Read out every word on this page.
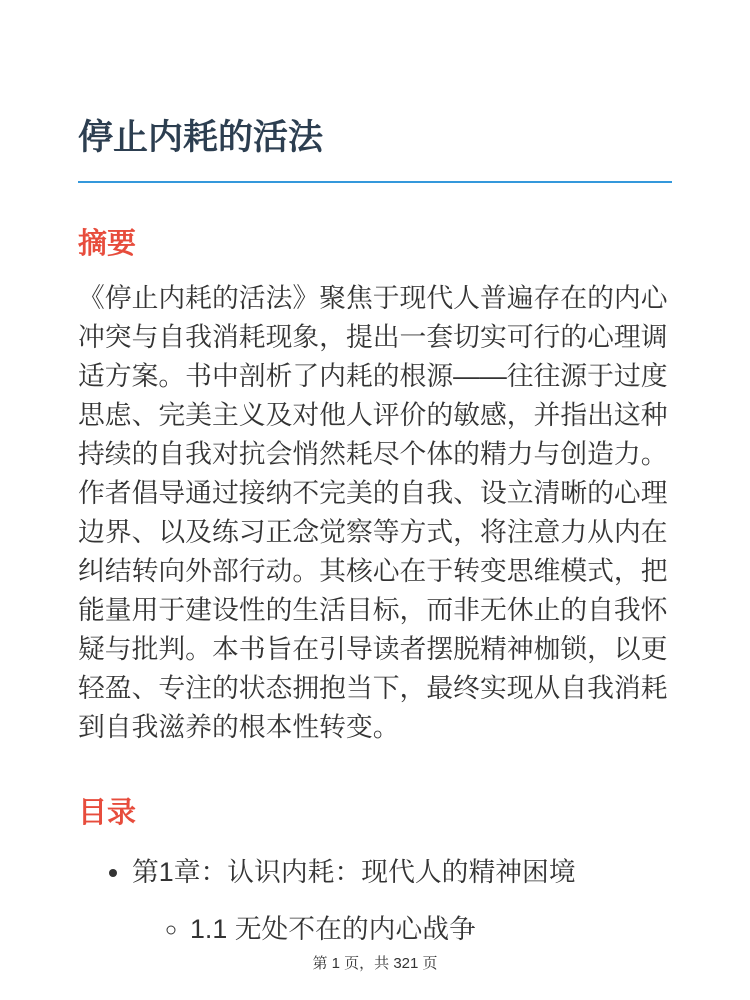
停止内耗的活法
摘要

《停止内耗的活法》聚焦于现代人普遍存在的内心冲突与自我消耗现象，提出一套切实可行的心理调适方案。书中剖析了内耗的根源——往往源于过度思虑、完美主义及对他人评价的敏感，并指出这种持续的自我对抗会悄然耗尽个体的精力与创造力。作者倡导通过接纳不完美的自我、设立清晰的心理边界、以及练习正念觉察等方式，将注意力从内在纠结转向外部行动。其核心在于转变思维模式，把能量用于建设性的生活目标，而非无休止的自我怀疑与批判。本书旨在引导读者摆脱精神枷锁，以更轻盈、专注的状态拥抱当下，最终实现从自我消耗到自我滋养的根本性转变。

目录
• 第1章：认识内耗：现代人的精神困境
◦ 1.1 无处不在的内心战争
第 1 页，共 321 页
